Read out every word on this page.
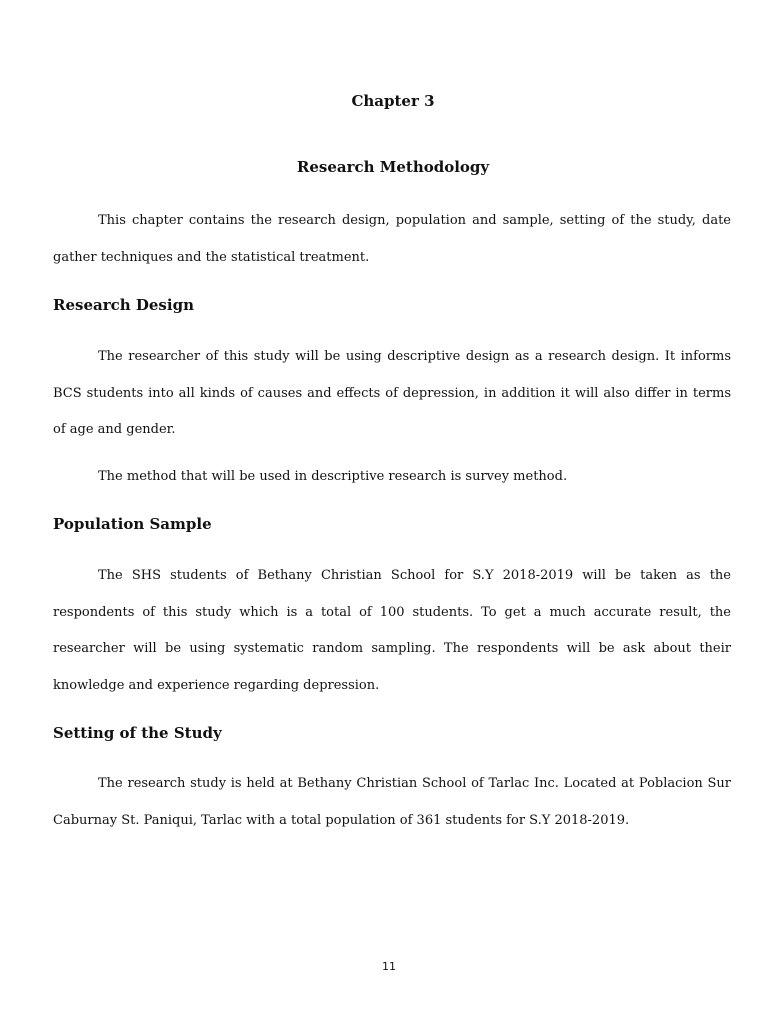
Chapter 3
Research Methodology

This chapter contains the research design, population and sample, setting of the study, date gather techniques and the statistical treatment.

Research Design

The researcher of this study will be using descriptive design as a research design. It informs BCS students into all kinds of causes and effects of depression, in addition it will also differ in terms of age and gender.

The method that will be used in descriptive research is survey method.

Population Sample

The SHS students of Bethany Christian School for S.Y 2018-2019 will be taken as the respondents of this study which is a total of 100 students. To get a much accurate result, the researcher will be using systematic random sampling. The respondents will be ask about their knowledge and experience regarding depression.

Setting of the Study

The research study is held at Bethany Christian School of Tarlac Inc. Located at Poblacion Sur Caburnay St. Paniqui, Tarlac with a total population of 361 students for S.Y 2018-2019.

11
